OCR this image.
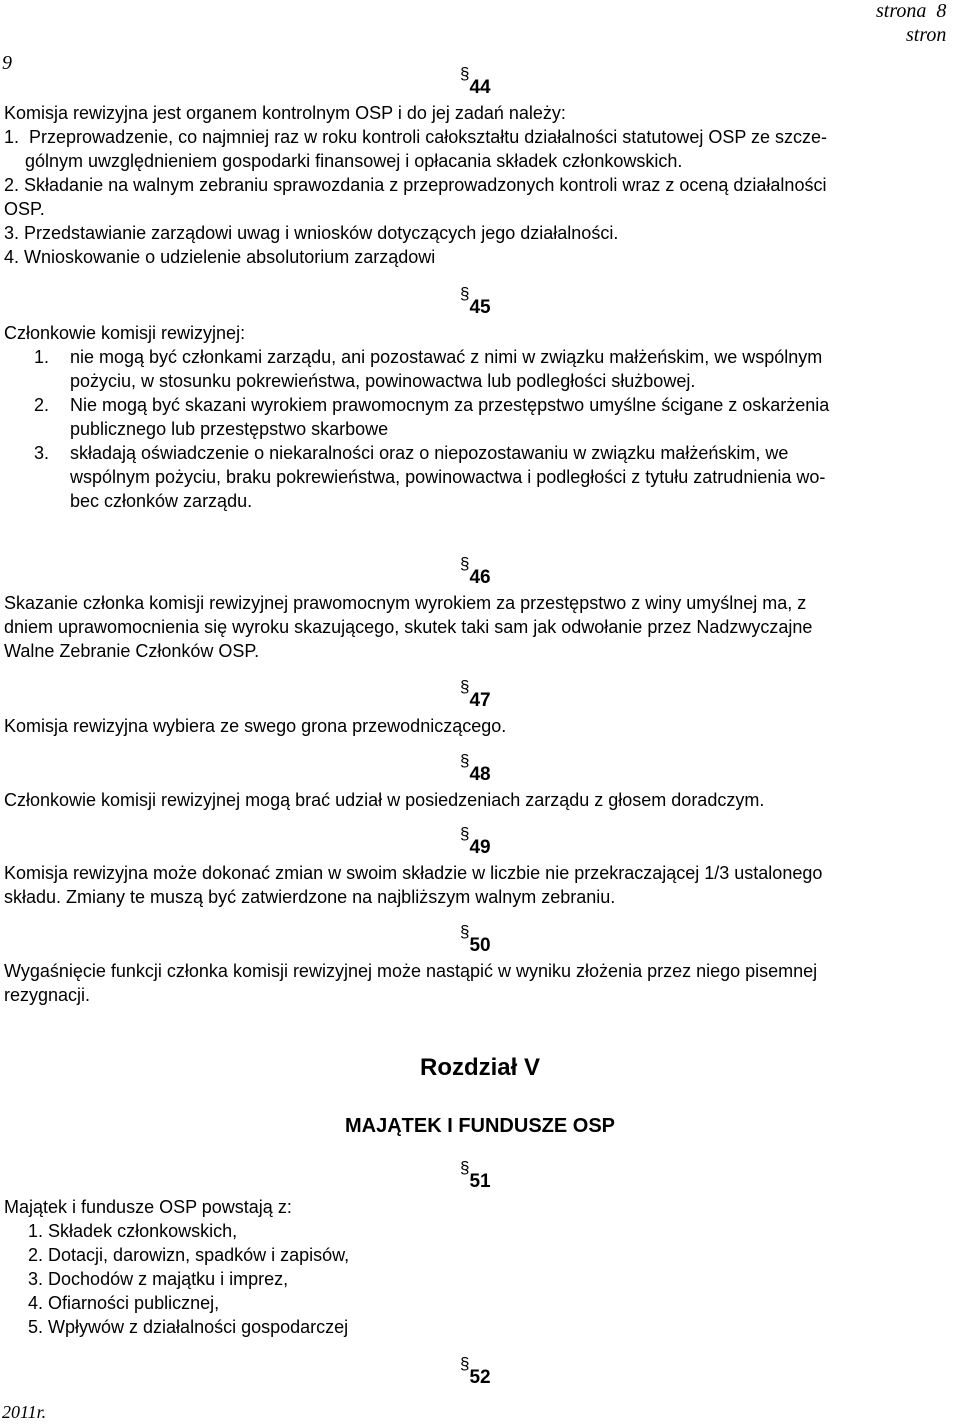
strona 8
stron
9	§44
Komisja rewizyjna jest organem kontrolnym OSP i do jej zadań należy:
1. Przeprowadzenie, co najmniej raz w roku kontroli całokształtu działalności statutowej OSP ze szcze-
gólnym uwzględnieniem gospodarki finansowej i opłacania składek członkowskich.
2. Składanie na walnym zebraniu sprawozdania z przeprowadzonych kontroli wraz z oceną działalności
OSP.
3. Przedstawianie zarządowi uwag i wniosków dotyczących jego działalności.
4. Wnioskowanie o udzielenie absolutorium zarządowi
§45
Członkowie komisji rewizyjnej:
1. nie mogą być członkami zarządu, ani pozostawać z nimi w związku małżeńskim, we wspólnym
pożyciu, w stosunku pokrewieństwa, powinowactwa lub podległości służbowej.
2. Nie mogą być skazani wyrokiem prawomocnym za przestępstwo umyślne ścigane z oskarżenia
publicznego lub przestępstwo skarbowe
3. składają oświadczenie o niekaralności oraz o niepozostawaniu w związku małżeńskim, we
wspólnym pożyciu, braku pokrewieństwa, powinowactwa i podległości z tytułu zatrudnienia wo-
bec członków zarządu.
§46
Skazanie członka komisji rewizyjnej prawomocnym wyrokiem za przestępstwo z winy umyślnej ma, z
dniem uprawomocnienia się wyroku skazującego, skutek taki sam jak odwołanie przez Nadzwyczajne
Walne Zebranie Członków OSP.
§47
Komisja rewizyjna wybiera ze swego grona przewodniczącego.
§48
Członkowie komisji rewizyjnej mogą brać udział w posiedzeniach zarządu z głosem doradczym.
§49
Komisja rewizyjna może dokonać zmian w swoim składzie w liczbie nie przekraczającej 1/3 ustalonego
składu. Zmiany te muszą być zatwierdzone na najbliższym walnym zebraniu.
§50
Wygaśnięcie funkcji członka komisji rewizyjnej może nastąpić w wyniku złożenia przez niego pisemnej
rezygnacji.
Rozdział V
MAJĄTEK I FUNDUSZE OSP
§51
Majątek i fundusze OSP powstają z:
1. Składek członkowskich,
2. Dotacji, darowizn, spadków i zapisów,
3. Dochodów z majątku i imprez,
4. Ofiarności publicznej,
5. Wpływów z działalności gospodarczej
§52
2011r.
